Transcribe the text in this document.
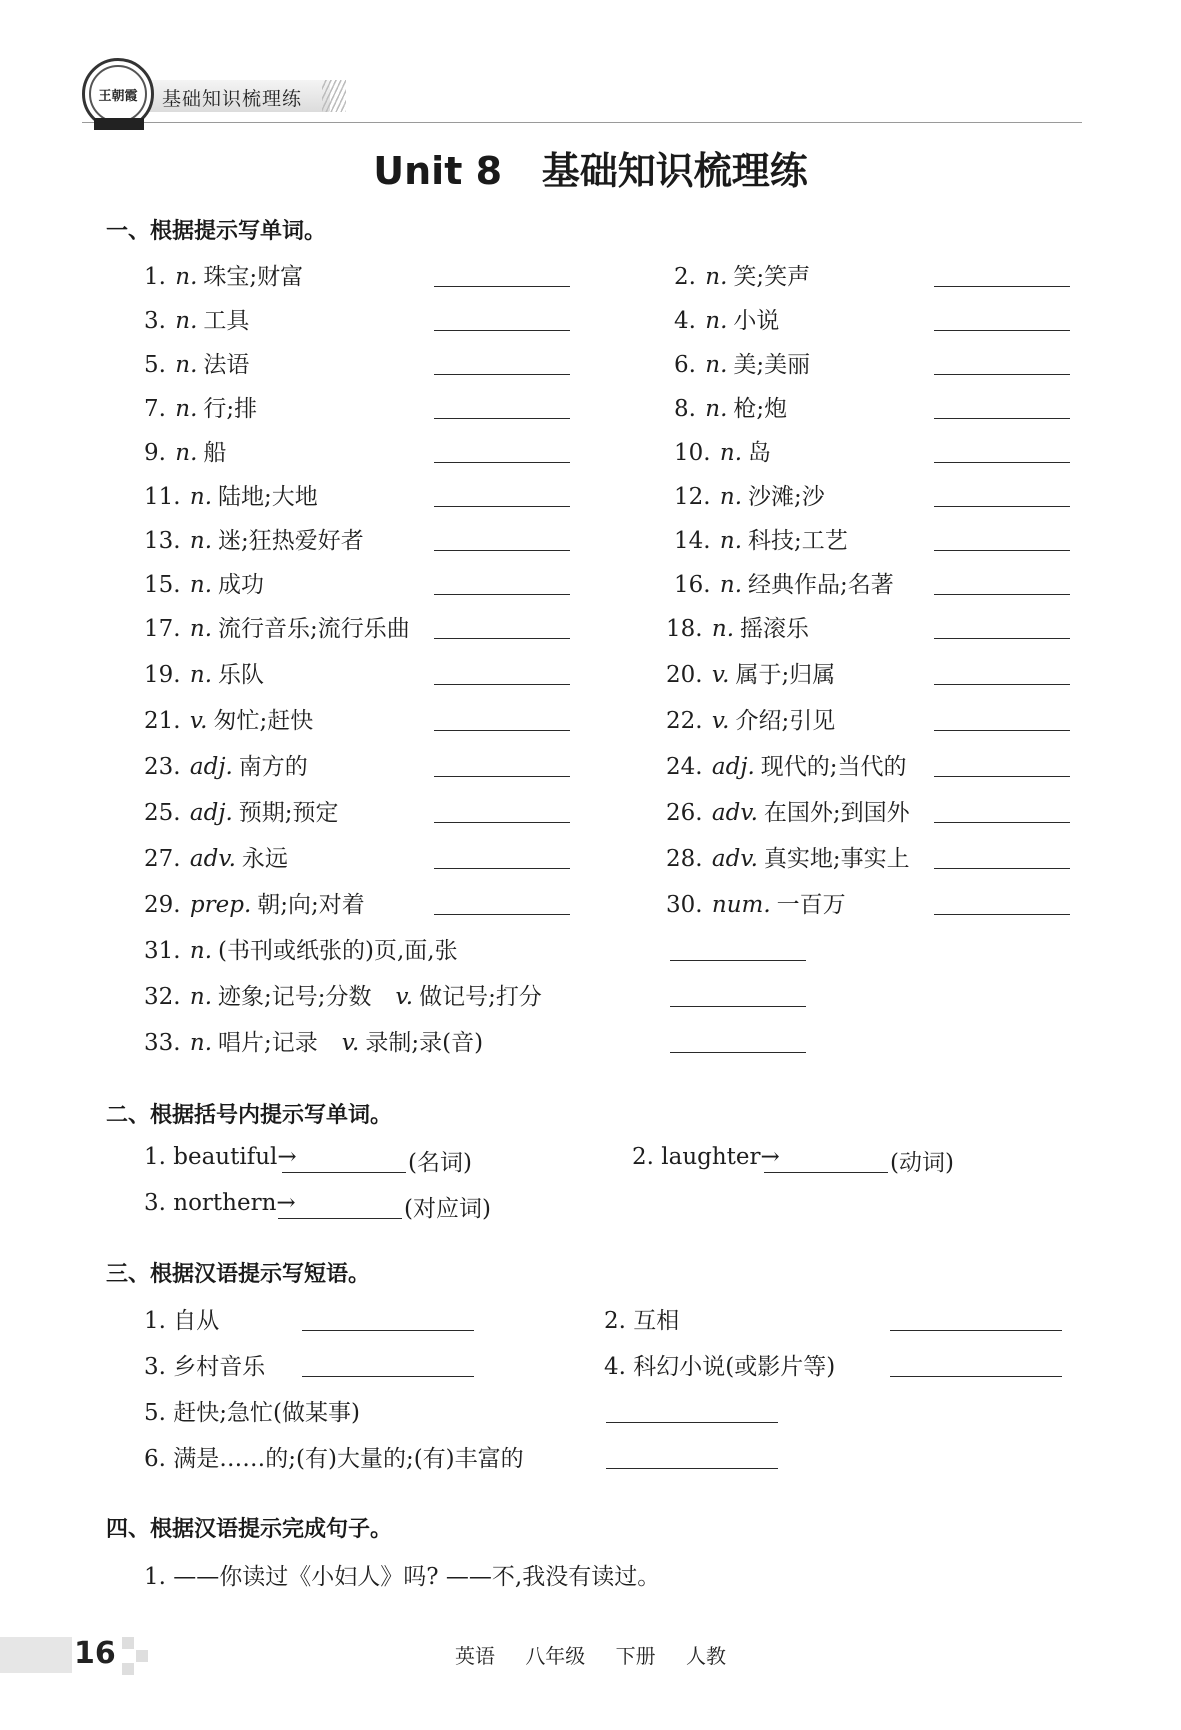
王朝霞	基础知识梳理练
Unit 8   基础知识梳理练
一、根据提示写单词。
1. n. 珠宝;财富	2. n. 笑;笑声
3. n. 工具	4. n. 小说
5. n. 法语	6. n. 美;美丽
7. n. 行;排	8. n. 枪;炮
9. n. 船	10. n. 岛
11. n. 陆地;大地	12. n. 沙滩;沙
13. n. 迷;狂热爱好者	14. n. 科技;工艺
15. n. 成功	16. n. 经典作品;名著
17. n. 流行音乐;流行乐曲	18. n. 摇滚乐
19. n. 乐队	20. v. 属于;归属
21. v. 匆忙;赶快	22. v. 介绍;引见
23. adj. 南方的	24. adj. 现代的;当代的
25. adj. 预期;预定	26. adv. 在国外;到国外
27. adv. 永远	28. adv. 真实地;事实上
29. prep. 朝;向;对着	30. num. 一百万
31. n. (书刊或纸张的)页,面,张
32. n. 迹象;记号;分数 v. 做记号;打分
33. n. 唱片;记录 v. 录制;录(音)
二、根据括号内提示写单词。
1. beautiful→	(名词)	2. laughter→	(动词)
3. northern→	(对应词)
三、根据汉语提示写短语。
1. 自从	2. 互相
3. 乡村音乐	4. 科幻小说(或影片等)
5. 赶快;急忙(做某事)
6. 满是……的;(有)大量的;(有)丰富的
四、根据汉语提示完成句子。
1. ——你读过《小妇人》吗? ——不,我没有读过。
16	英语 八年级 下册 人教
